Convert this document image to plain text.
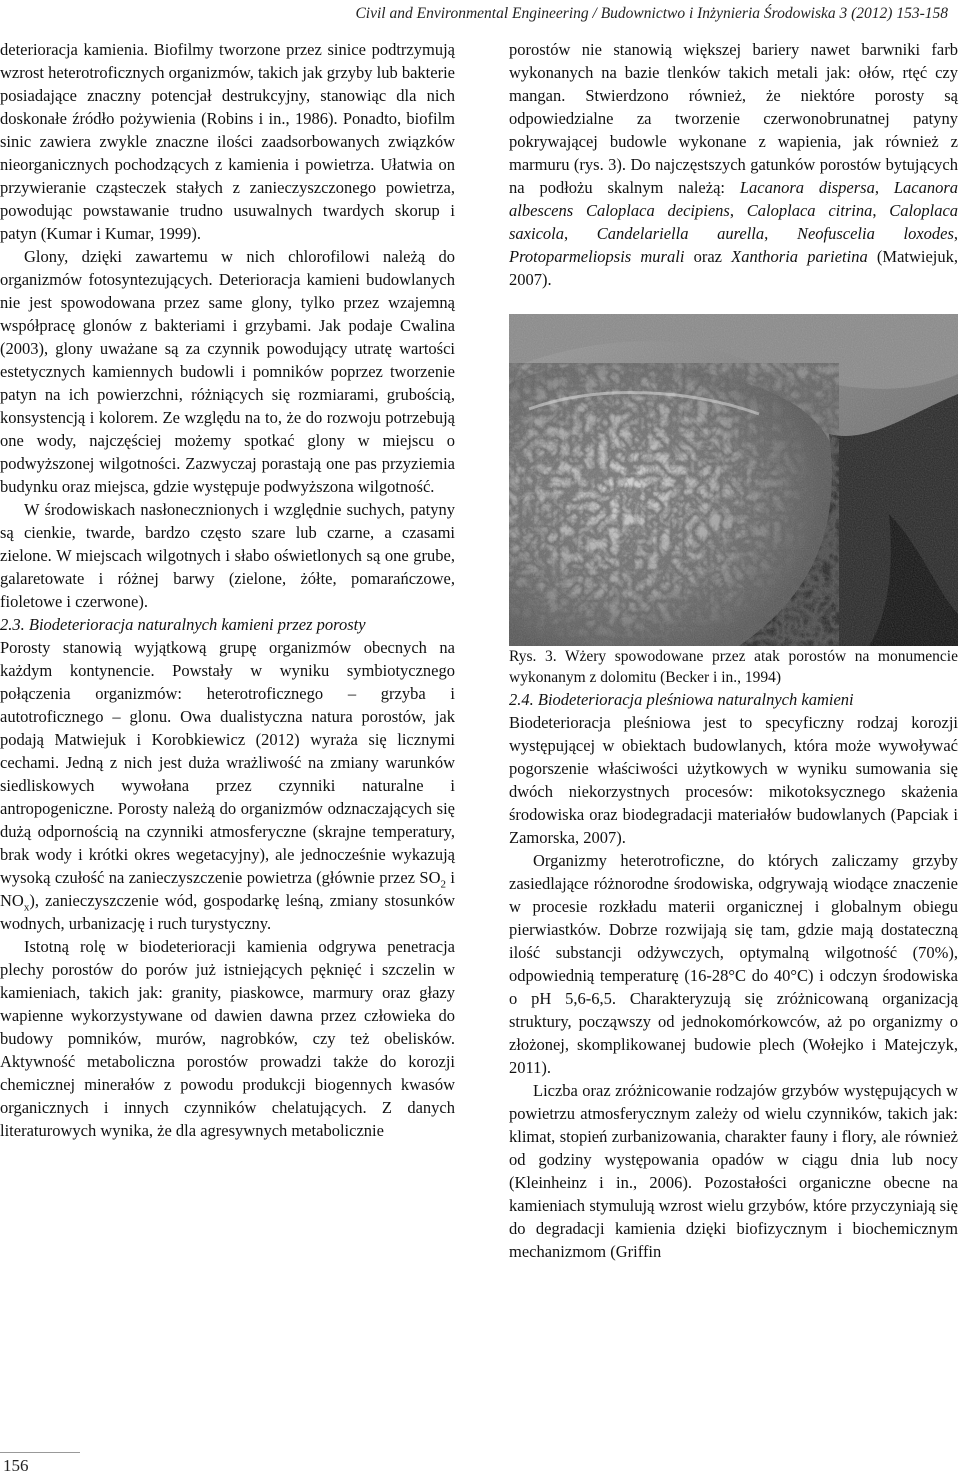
Civil and Environmental Engineering / Budownictwo i Inżynieria Środowiska 3 (2012) 153-158

deterioracja kamienia. Biofilmy tworzone przez sinice podtrzymują wzrost heterotroficznych organizmów, takich jak grzyby lub bakterie posiadające znaczny potencjał destrukcyjny, stanowiąc dla nich doskonałe źródło pożywienia (Robins i in., 1986). Ponadto, biofilm sinic zawiera zwykle znaczne ilości zaadsorbowanych związków nieorganicznych pochodzących z kamienia i powietrza. Ułatwia on przywieranie cząsteczek stałych z zanieczyszczonego powietrza, powodując powstawanie trudno usuwalnych twardych skorup i patyn (Kumar i Kumar, 1999).

Glony, dzięki zawartemu w nich chlorofilowi należą do organizmów fotosyntezujących. Deterioracja kamieni budowlanych nie jest spowodowana przez same glony, tylko przez wzajemną współpracę glonów z bakteriami i grzybami. Jak podaje Cwalina (2003), glony uważane są za czynnik powodujący utratę wartości estetycznych kamiennych budowli i pomników poprzez tworzenie patyn na ich powierzchni, różniących się rozmiarami, grubością, konsystencją i kolorem. Ze względu na to, że do rozwoju potrzebują one wody, najczęściej możemy spotkać glony w miejscu o podwyższonej wilgotności. Zazwyczaj porastają one pas przyziemia budynku oraz miejsca, gdzie występuje podwyższona wilgotność.

W środowiskach nasłonecznionych i względnie suchych, patyny są cienkie, twarde, bardzo często szare lub czarne, a czasami zielone. W miejscach wilgotnych i słabo oświetlonych są one grube, galaretowate i różnej barwy (zielone, żółte, pomarańczowe, fioletowe i czerwone).

2.3. Biodeterioracja naturalnych kamieni przez porosty

Porosty stanowią wyjątkową grupę organizmów obecnych na każdym kontynencie. Powstały w wyniku symbiotycznego połączenia organizmów: heterotroficznego – grzyba i autotroficznego – glonu. Owa dualistyczna natura porostów, jak podają Matwiejuk i Korobkiewicz (2012) wyraża się licznymi cechami. Jedną z nich jest duża wrażliwość na zmiany warunków siedliskowych wywołana przez czynniki naturalne i antropogeniczne. Porosty należą do organizmów odznaczających się dużą odpornością na czynniki atmosferyczne (skrajne temperatury, brak wody i krótki okres wegetacyjny), ale jednocześnie wykazują wysoką czułość na zanieczyszczenie powietrza (głównie przez $SO_2$ i $NO_x$), zanieczyszczenie wód, gospodarkę leśną, zmiany stosunków wodnych, urbanizację i ruch turystyczny.

Istotną rolę w biodeterioracji kamienia odgrywa penetracja plechy porostów do porów już istniejących pęknięć i szczelin w kamieniach, takich jak: granity, piaskowce, marmury oraz głazy wapienne wykorzystywane od dawien dawna przez człowieka do budowy pomników, murów, nagrobków, czy też obelisków. Aktywność metaboliczna porostów prowadzi także do korozji chemicznej minerałów z powodu produkcji biogennych kwasów organicznych i innych czynników chelatujących. Z danych literaturowych wynika, że dla agresywnych metabolicznie

porostów nie stanowią większej bariery nawet barwniki farb wykonanych na bazie tlenków takich metali jak: ołów, rtęć czy mangan. Stwierdzono również, że niektóre porosty są odpowiedzialne za tworzenie czerwonobrunatnej patyny pokrywającej budowle wykonane z wapienia, jak również z marmuru (rys. 3). Do najczęstszych gatunków porostów bytujących na podłożu skalnym należą: Lacanora dispersa, Lacanora albescens Caloplaca decipiens, Caloplaca citrina, Caloplaca saxicola, Candelariella aurella, Neofuscelia loxodes, Protoparmeliopsis murali oraz Xanthoria parietina (Matwiejuk, 2007).

Rys. 3. Wżery spowodowane przez atak porostów na monumencie wykonanym z dolomitu (Becker i in., 1994)

2.4. Biodeterioracja pleśniowa naturalnych kamieni

Biodeterioracja pleśniowa jest to specyficzny rodzaj korozji występującej w obiektach budowlanych, która może wywoływać pogorszenie właściwości użytkowych w wyniku sumowania się dwóch niekorzystnych procesów: mikotoksycznego skażenia środowiska oraz biodegradacji materiałów budowlanych (Papciak i Zamorska, 2007).

Organizmy heterotroficzne, do których zaliczamy grzyby zasiedlające różnorodne środowiska, odgrywają wiodące znaczenie w procesie rozkładu materii organicznej i globalnym obiegu pierwiastków. Dobrze rozwijają się tam, gdzie mają dostateczną ilość substancji odżywczych, optymalną wilgotność (70%), odpowiednią temperaturę (16-28°C do 40°C) i odczyn środowiska o pH 5,6-6,5. Charakteryzują się zróżnicowaną organizacją struktury, począwszy od jednokomórkowców, aż po organizmy o złożonej, skomplikowanej budowie plech (Wołejko i Matejczyk, 2011).

Liczba oraz zróżnicowanie rodzajów grzybów występujących w powietrzu atmosferycznym zależy od wielu czynników, takich jak: klimat, stopień zurbanizowania, charakter fauny i flory, ale również od godziny występowania opadów w ciągu dnia lub nocy (Kleinheinz i in., 2006). Pozostałości organiczne obecne na kamieniach stymulują wzrost wielu grzybów, które przyczyniają się do degradacji kamienia dzięki biofizycznym i biochemicznym mechanizmom (Griffin

156
